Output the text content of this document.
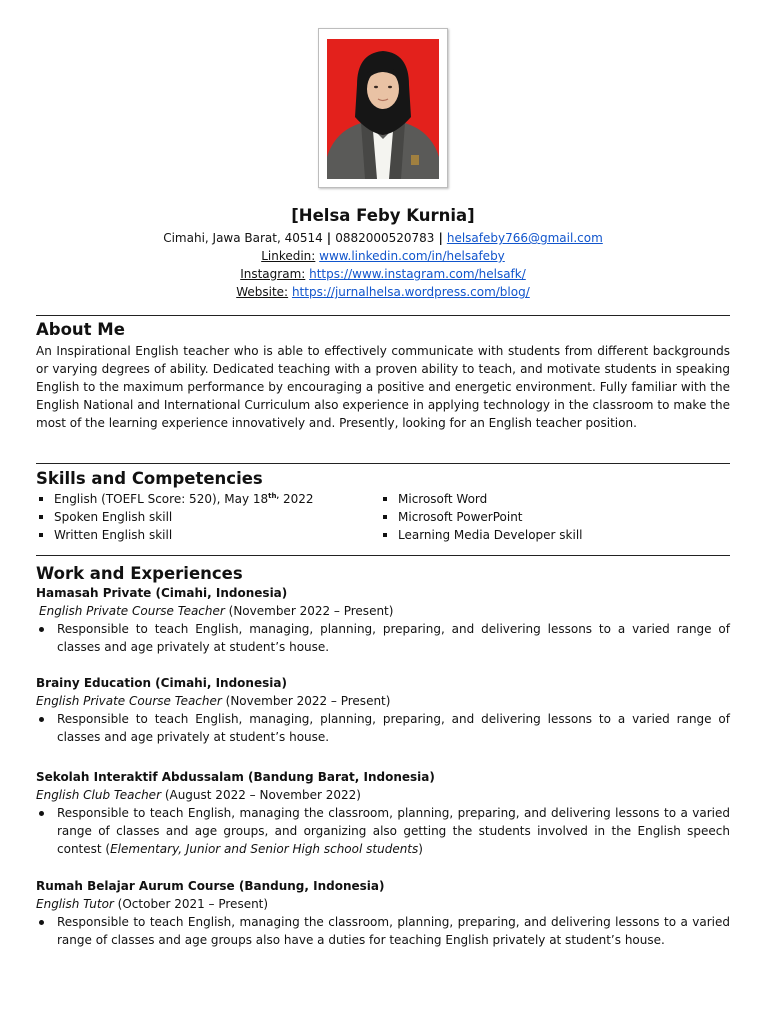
[Helsa Feby Kurnia]
Cimahi, Jawa Barat, 40514 | 0882000520783 | helsafeby766@gmail.com
Linkedin: www.linkedin.com/in/helsafeby
Instagram: https://www.instagram.com/helsafk/
Website: https://jurnalhelsa.wordpress.com/blog/
About Me
An Inspirational English teacher who is able to effectively communicate with students from different backgrounds or varying degrees of ability. Dedicated teaching with a proven ability to teach, and motivate students in speaking English to the maximum performance by encouraging a positive and energetic environment. Fully familiar with the English National and International Curriculum also experience in applying technology in the classroom to make the most of the learning experience innovatively and. Presently, looking for an English teacher position.
Skills and Competencies
English (TOEFL Score: 520), May $18^{th,}$ 2022
Spoken English skill
Written English skill
Microsoft Word
Microsoft PowerPoint
Learning Media Developer skill
Work and Experiences
Hamasah Private (Cimahi, Indonesia)
English Private Course Teacher (November 2022 – Present)
Responsible to teach English, managing, planning, preparing, and delivering lessons to a varied range of classes and age privately at student’s house.
Brainy Education (Cimahi, Indonesia)
English Private Course Teacher (November 2022 – Present)
Responsible to teach English, managing, planning, preparing, and delivering lessons to a varied range of classes and age privately at student’s house.
Sekolah Interaktif Abdussalam (Bandung Barat, Indonesia)
English Club Teacher (August 2022 – November 2022)
Responsible to teach English, managing the classroom, planning, preparing, and delivering lessons to a varied range of classes and age groups, and organizing also getting the students involved in the English speech contest (Elementary, Junior and Senior High school students)
Rumah Belajar Aurum Course (Bandung, Indonesia)
English Tutor (October 2021 – Present)
Responsible to teach English, managing the classroom, planning, preparing, and delivering lessons to a varied range of classes and age groups also have a duties for teaching English privately at student’s house.
